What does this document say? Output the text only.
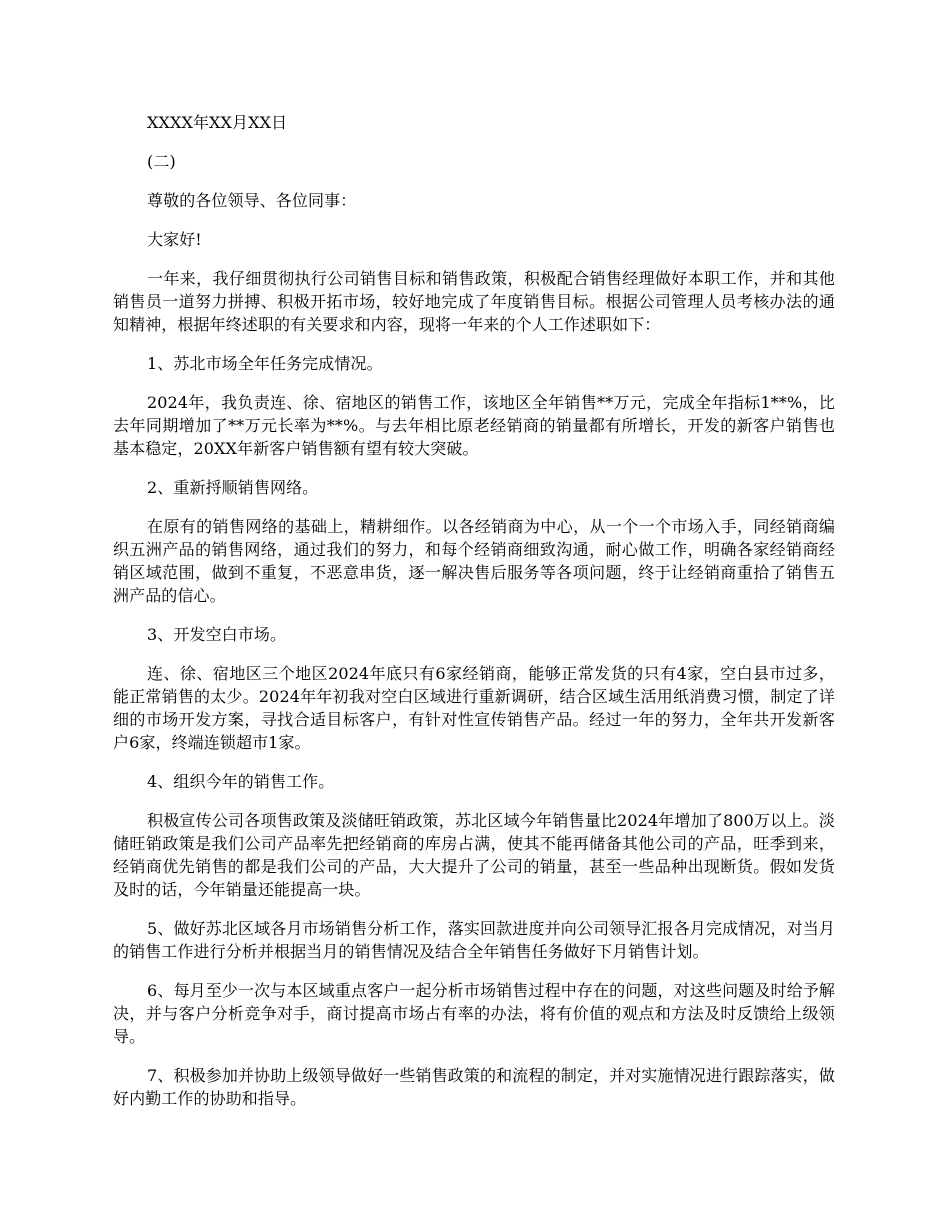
XXXX年XX月XX日

(二)

尊敬的各位领导、各位同事：

大家好!

一年来，我仔细贯彻执行公司销售目标和销售政策，积极配合销售经理做好本职工作，并和其他销售员一道努力拼搏、积极开拓市场，较好地完成了年度销售目标。根据公司管理人员考核办法的通知精神，根据年终述职的有关要求和内容，现将一年来的个人工作述职如下：

1、苏北市场全年任务完成情况。

2024年，我负责连、徐、宿地区的销售工作，该地区全年销售**万元，完成全年指标1**%，比去年同期增加了**万元长率为**%。与去年相比原老经销商的销量都有所增长，开发的新客户销售也基本稳定，20XX年新客户销售额有望有较大突破。

2、重新捋顺销售网络。

在原有的销售网络的基础上，精耕细作。以各经销商为中心，从一个一个市场入手，同经销商编织五洲产品的销售网络，通过我们的努力，和每个经销商细致沟通，耐心做工作，明确各家经销商经销区域范围，做到不重复，不恶意串货，逐一解决售后服务等各项问题，终于让经销商重拾了销售五洲产品的信心。

3、开发空白市场。

连、徐、宿地区三个地区2024年底只有6家经销商，能够正常发货的只有4家，空白县市过多，能正常销售的太少。2024年年初我对空白区域进行重新调研，结合区域生活用纸消费习惯，制定了详细的市场开发方案，寻找合适目标客户，有针对性宣传销售产品。经过一年的努力，全年共开发新客户6家，终端连锁超市1家。

4、组织今年的销售工作。

积极宣传公司各项售政策及淡储旺销政策，苏北区域今年销售量比2024年增加了800万以上。淡储旺销政策是我们公司产品率先把经销商的库房占满，使其不能再储备其他公司的产品，旺季到来，经销商优先销售的都是我们公司的产品，大大提升了公司的销量，甚至一些品种出现断货。假如发货及时的话，今年销量还能提高一块。

5、做好苏北区域各月市场销售分析工作，落实回款进度并向公司领导汇报各月完成情况，对当月的销售工作进行分析并根据当月的销售情况及结合全年销售任务做好下月销售计划。

6、每月至少一次与本区域重点客户一起分析市场销售过程中存在的问题，对这些问题及时给予解决，并与客户分析竞争对手，商讨提高市场占有率的办法，将有价值的观点和方法及时反馈给上级领导。

7、积极参加并协助上级领导做好一些销售政策的和流程的制定，并对实施情况进行跟踪落实，做好内勤工作的协助和指导。
